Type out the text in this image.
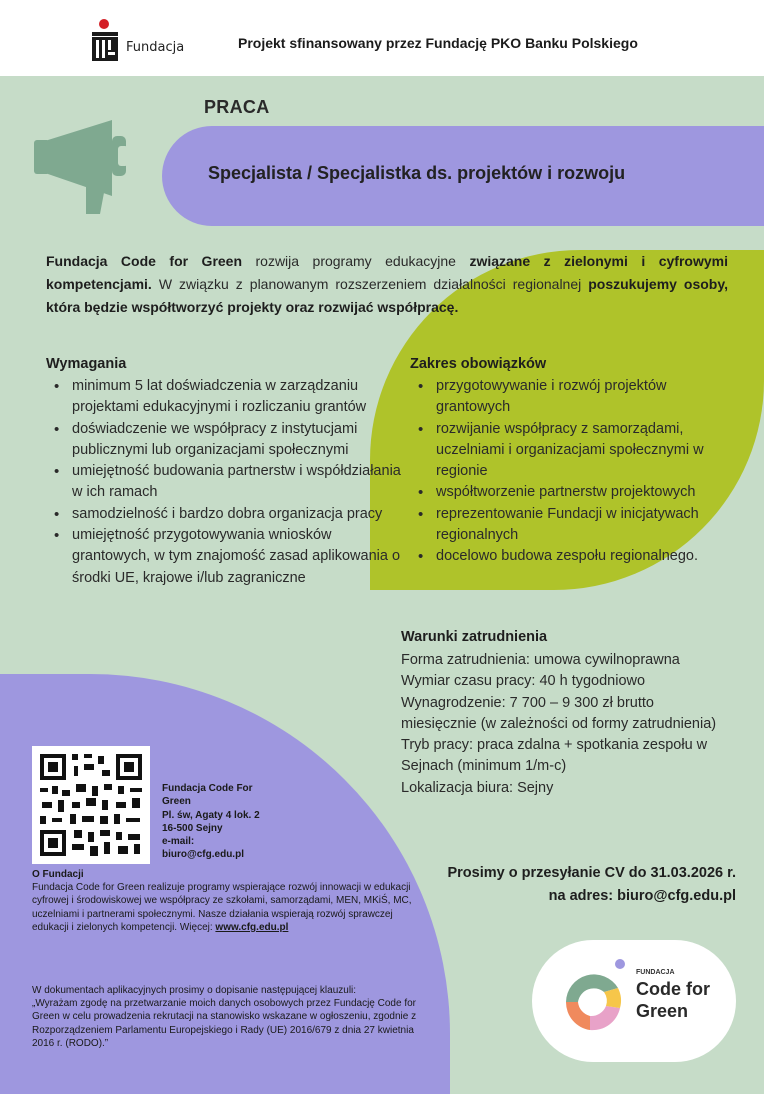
Fundacja	Projekt sfinansowany przez Fundację PKO Banku Polskiego
PRACA
Specjalista / Specjalistka ds. projektów i rozwoju
Fundacja Code for Green rozwija programy edukacyjne związane z zielonymi i cyfrowymi kompetencjami. W związku z planowanym rozszerzeniem działalności regionalnej poszukujemy osoby, która będzie współtworzyć projekty oraz rozwijać współpracę.
Wymagania
• minimum 5 lat doświadczenia w zarządzaniu projektami edukacyjnymi i rozliczaniu grantów
• doświadczenie we współpracy z instytucjami publicznymi lub organizacjami społecznymi
• umiejętność budowania partnerstw i współdziałania w ich ramach
• samodzielność i bardzo dobra organizacja pracy
• umiejętność przygotowywania wniosków grantowych, w tym znajomość zasad aplikowania o środki UE, krajowe i/lub zagraniczne
Zakres obowiązków
• przygotowywanie i rozwój projektów grantowych
• rozwijanie współpracy z samorządami, uczelniami i organizacjami społecznymi w regionie
• współtworzenie partnerstw projektowych
• reprezentowanie Fundacji w inicjatywach regionalnych
• docelowo budowa zespołu regionalnego.
Warunki zatrudnienia
Forma zatrudnienia: umowa cywilnoprawna
Wymiar czasu pracy: 40 h tygodniowo
Wynagrodzenie: 7 700 – 9 300 zł brutto miesięcznie (w zależności od formy zatrudnienia)
Tryb pracy: praca zdalna + spotkania zespołu w Sejnach (minimum 1/m-c)
Lokalizacja biura: Sejny
Prosimy o przesyłanie CV do 31.03.2026 r.
na adres: biuro@cfg.edu.pl
Fundacja Code For Green
Pl. św, Agaty 4 lok. 2
16-500 Sejny
e-mail:
biuro@cfg.edu.pl
O Fundacji
Fundacja Code for Green realizuje programy wspierające rozwój innowacji w edukacji cyfrowej i środowiskowej we współpracy ze szkołami, samorządami, MEN, MKiŚ, MC, uczelniami i partnerami społecznymi. Nasze działania wspierają rozwój sprawczej edukacji i zielonych kompetencji. Więcej: www.cfg.edu.pl
W dokumentach aplikacyjnych prosimy o dopisanie następującej klauzuli:
„Wyrażam zgodę na przetwarzanie moich danych osobowych przez Fundację Code for Green w celu prowadzenia rekrutacji na stanowisko wskazane w ogłoszeniu, zgodnie z Rozporządzeniem Parlamentu Europejskiego i Rady (UE) 2016/679 z dnia 27 kwietnia 2016 r. (RODO).”
FUNDACJA
Code for Green
